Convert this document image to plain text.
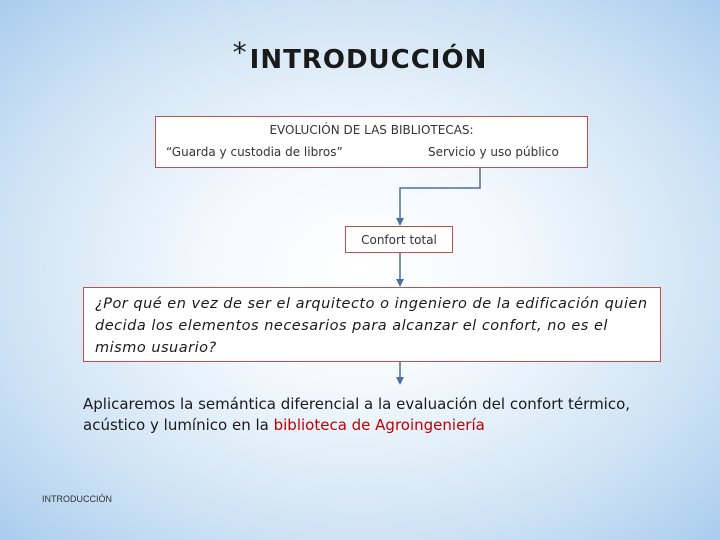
*INTRODUCCIÓN
EVOLUCIÓN DE LAS BIBLIOTECAS:
“Guarda y custodia de libros”	Servicio y uso público
Confort total
¿Por qué en vez de ser el arquitecto o ingeniero de la edificación quien decida los elementos necesarios para alcanzar el confort, no es el mismo usuario?
Aplicaremos la semántica diferencial a la evaluación del confort térmico, acústico y lumínico en la biblioteca de Agroingeniería
INTRODUCCIÓN
